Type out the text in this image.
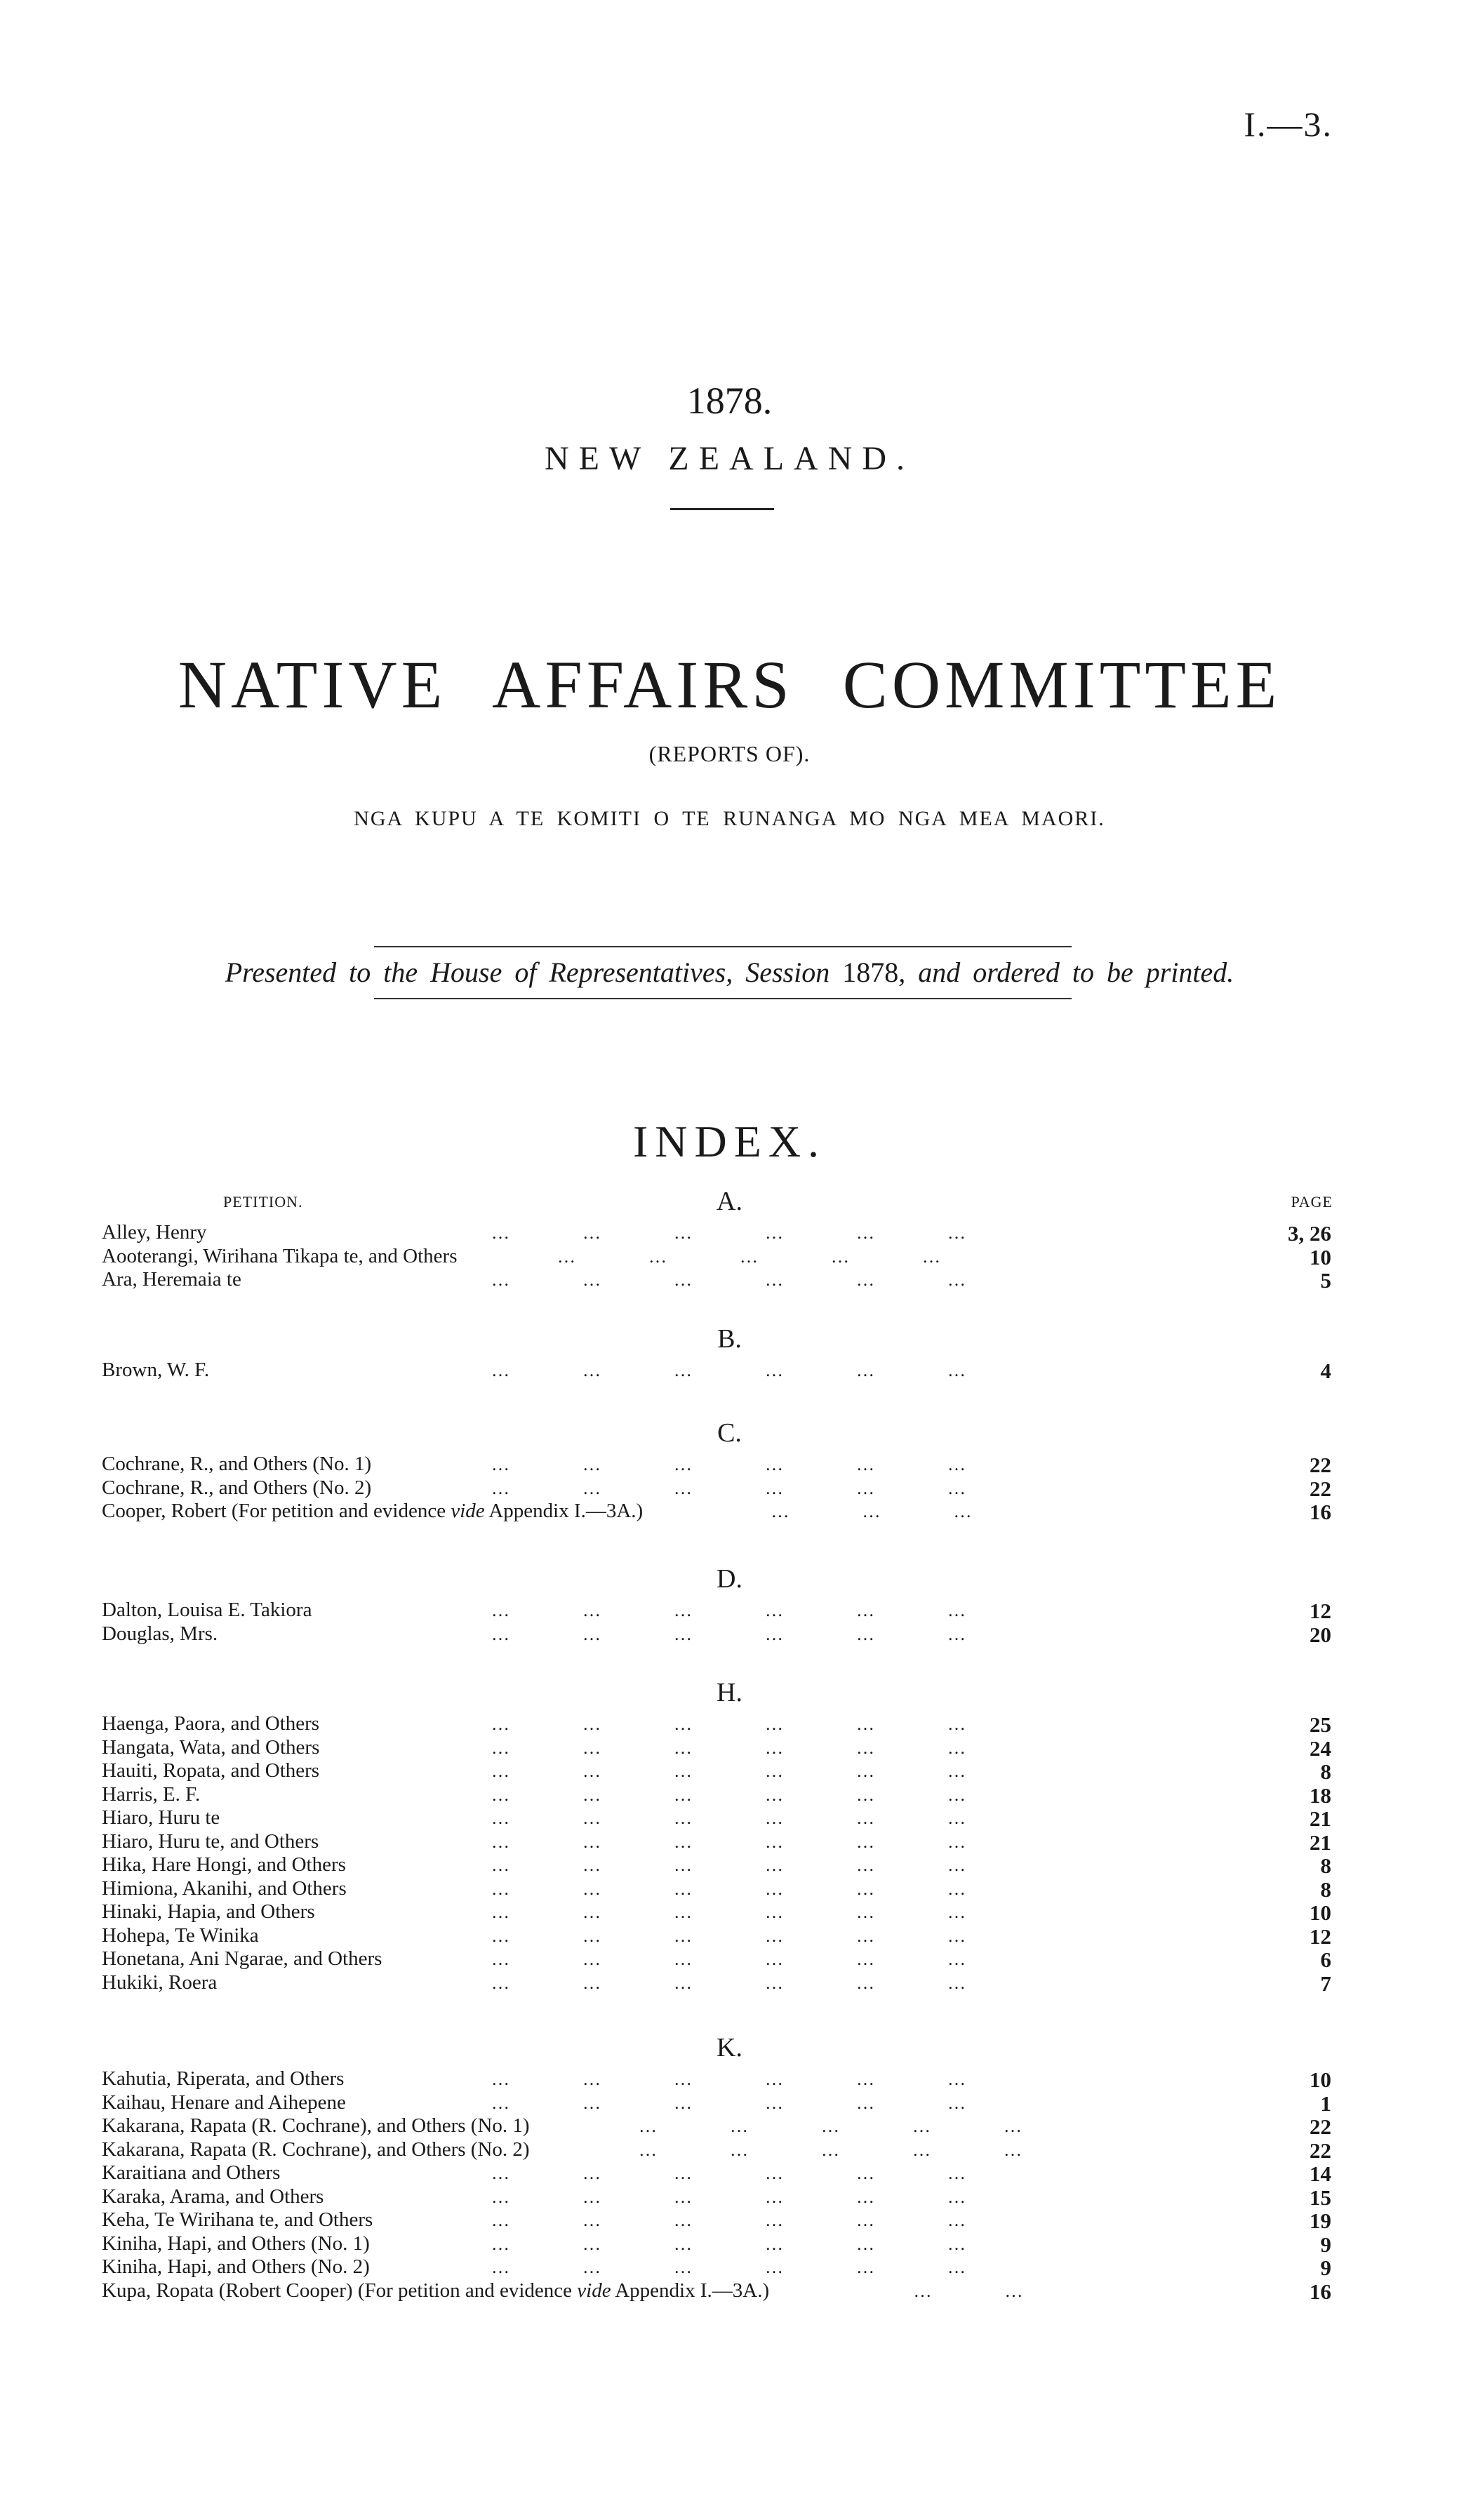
I.—3.
1878.
NEW ZEALAND.
NATIVE AFFAIRS COMMITTEE
(REPORTS OF).
NGA KUPU A TE KOMITI O TE RUNANGA MO NGA MEA MAORI.
Presented to the House of Representatives, Session 1878, and ordered to be printed.
INDEX.
PETITION.	PAGE
A.
Alley, Henry	…            …            …            …            …            …	3, 26
Aooterangi, Wirihana Tikapa te, and Others	…            …            …            …            …	10
Ara, Heremaia te	…            …            …            …            …            …	5
B.
Brown, W. F.	…            …            …            …            …            …	4
C.
Cochrane, R., and Others (No. 1)	…            …            …            …            …            …	22
Cochrane, R., and Others (No. 2)	…            …            …            …            …            …	22
Cooper, Robert (For petition and evidence vide Appendix I.—3A.)	…            …            …	16
D.
Dalton, Louisa E. Takiora	…            …            …            …            …            …	12
Douglas, Mrs.	…            …            …            …            …            …	20
H.
Haenga, Paora, and Others	…            …            …            …            …            …	25
Hangata, Wata, and Others	…            …            …            …            …            …	24
Hauiti, Ropata, and Others	…            …            …            …            …            …	8
Harris, E. F.	…            …            …            …            …            …	18
Hiaro, Huru te	…            …            …            …            …            …	21
Hiaro, Huru te, and Others	…            …            …            …            …            …	21
Hika, Hare Hongi, and Others	…            …            …            …            …            …	8
Himiona, Akanihi, and Others	…            …            …            …            …            …	8
Hinaki, Hapia, and Others	…            …            …            …            …            …	10
Hohepa, Te Winika	…            …            …            …            …            …	12
Honetana, Ani Ngarae, and Others	…            …            …            …            …            …	6
Hukiki, Roera	…            …            …            …            …            …	7
K.
Kahutia, Riperata, and Others	…            …            …            …            …            …	10
Kaihau, Henare and Aihepene	…            …            …            …            …            …	1
Kakarana, Rapata (R. Cochrane), and Others (No. 1)	…            …            …            …            …	22
Kakarana, Rapata (R. Cochrane), and Others (No. 2)	…            …            …            …            …	22
Karaitiana and Others	…            …            …            …            …            …	14
Karaka, Arama, and Others	…            …            …            …            …            …	15
Keha, Te Wirihana te, and Others	…            …            …            …            …            …	19
Kiniha, Hapi, and Others (No. 1)	…            …            …            …            …            …	9
Kiniha, Hapi, and Others (No. 2)	…            …            …            …            …            …	9
Kupa, Ropata (Robert Cooper) (For petition and evidence vide Appendix I.—3A.)	…            …	16
